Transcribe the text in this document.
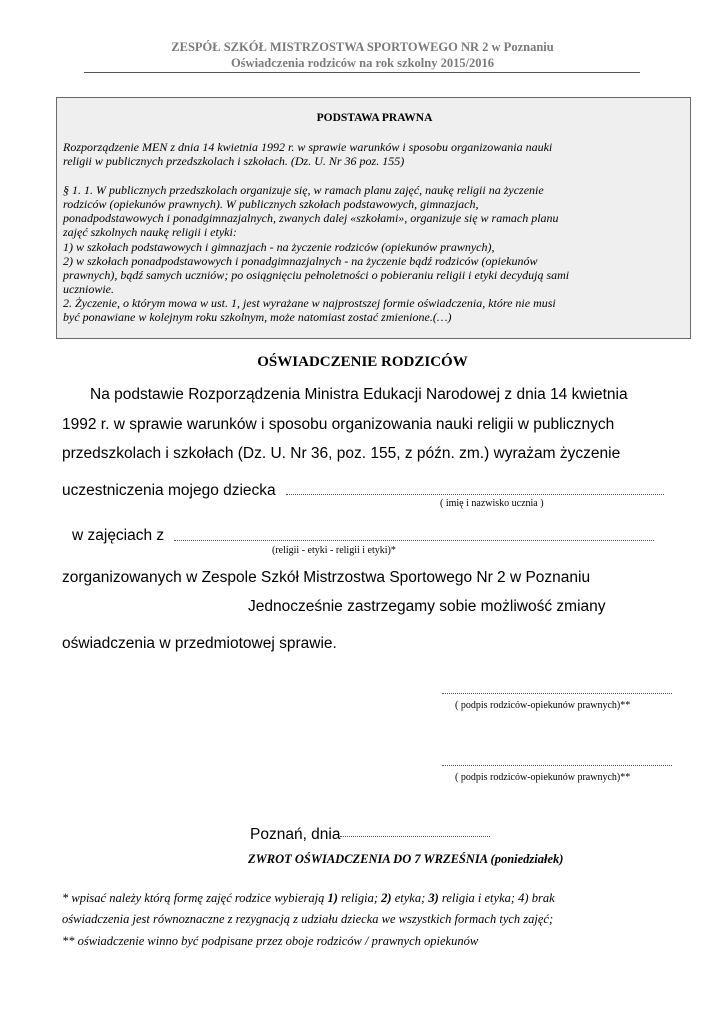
ZESPÓŁ SZKÓŁ MISTRZOSTWA SPORTOWEGO NR 2 w Poznaniu
Oświadczenia rodziców na rok szkolny 2015/2016
PODSTAWA PRAWNA
Rozporządzenie MEN z dnia 14 kwietnia 1992 r. w sprawie warunków i sposobu organizowania nauki
religii w publicznych przedszkolach i szkołach. (Dz. U. Nr 36 poz. 155)
§ 1. 1. W publicznych przedszkolach organizuje się, w ramach planu zajęć, naukę religii na życzenie
rodziców (opiekunów prawnych). W publicznych szkołach podstawowych, gimnazjach,
ponadpodstawowych i ponadgimnazjalnych, zwanych dalej «szkołami», organizuje się w ramach planu
zajęć szkolnych naukę religii i etyki:
1) w szkołach podstawowych i gimnazjach - na życzenie rodziców (opiekunów prawnych),
2) w szkołach ponadpodstawowych i ponadgimnazjalnych - na życzenie bądź rodziców (opiekunów
prawnych), bądź samych uczniów; po osiągnięciu pełnoletności o pobieraniu religii i etyki decydują sami
uczniowie.
2. Życzenie, o którym mowa w ust. 1, jest wyrażane w najprostszej formie oświadczenia, które nie musi
być ponawiane w kolejnym roku szkolnym, może natomiast zostać zmienione.(…)
OŚWIADCZENIE RODZICÓW
Na podstawie Rozporządzenia Ministra Edukacji Narodowej z dnia 14 kwietnia
1992 r. w sprawie warunków i sposobu organizowania nauki religii w publicznych
przedszkolach i szkołach (Dz. U. Nr 36, poz. 155, z późn. zm.) wyrażam życzenie
uczestniczenia mojego dziecka
( imię i nazwisko ucznia )
w zajęciach z
(religii - etyki - religii i etyki)*
zorganizowanych w Zespole Szkół Mistrzostwa Sportowego Nr 2 w Poznaniu
Jednocześnie zastrzegamy sobie możliwość zmiany
oświadczenia w przedmiotowej sprawie.
( podpis rodziców-opiekunów prawnych)**
( podpis rodziców-opiekunów prawnych)**
Poznań, dnia
ZWROT OŚWIADCZENIA DO 7 WRZEŚNIA (poniedziałek)
* wpisać należy którą formę zajęć rodzice wybierają 1) religia; 2) etyka; 3) religia i etyka; 4) brak
oświadczenia jest równoznaczne z rezygnacją z udziału dziecka we wszystkich formach tych zajęć;
** oświadczenie winno być podpisane przez oboje rodziców / prawnych opiekunów
